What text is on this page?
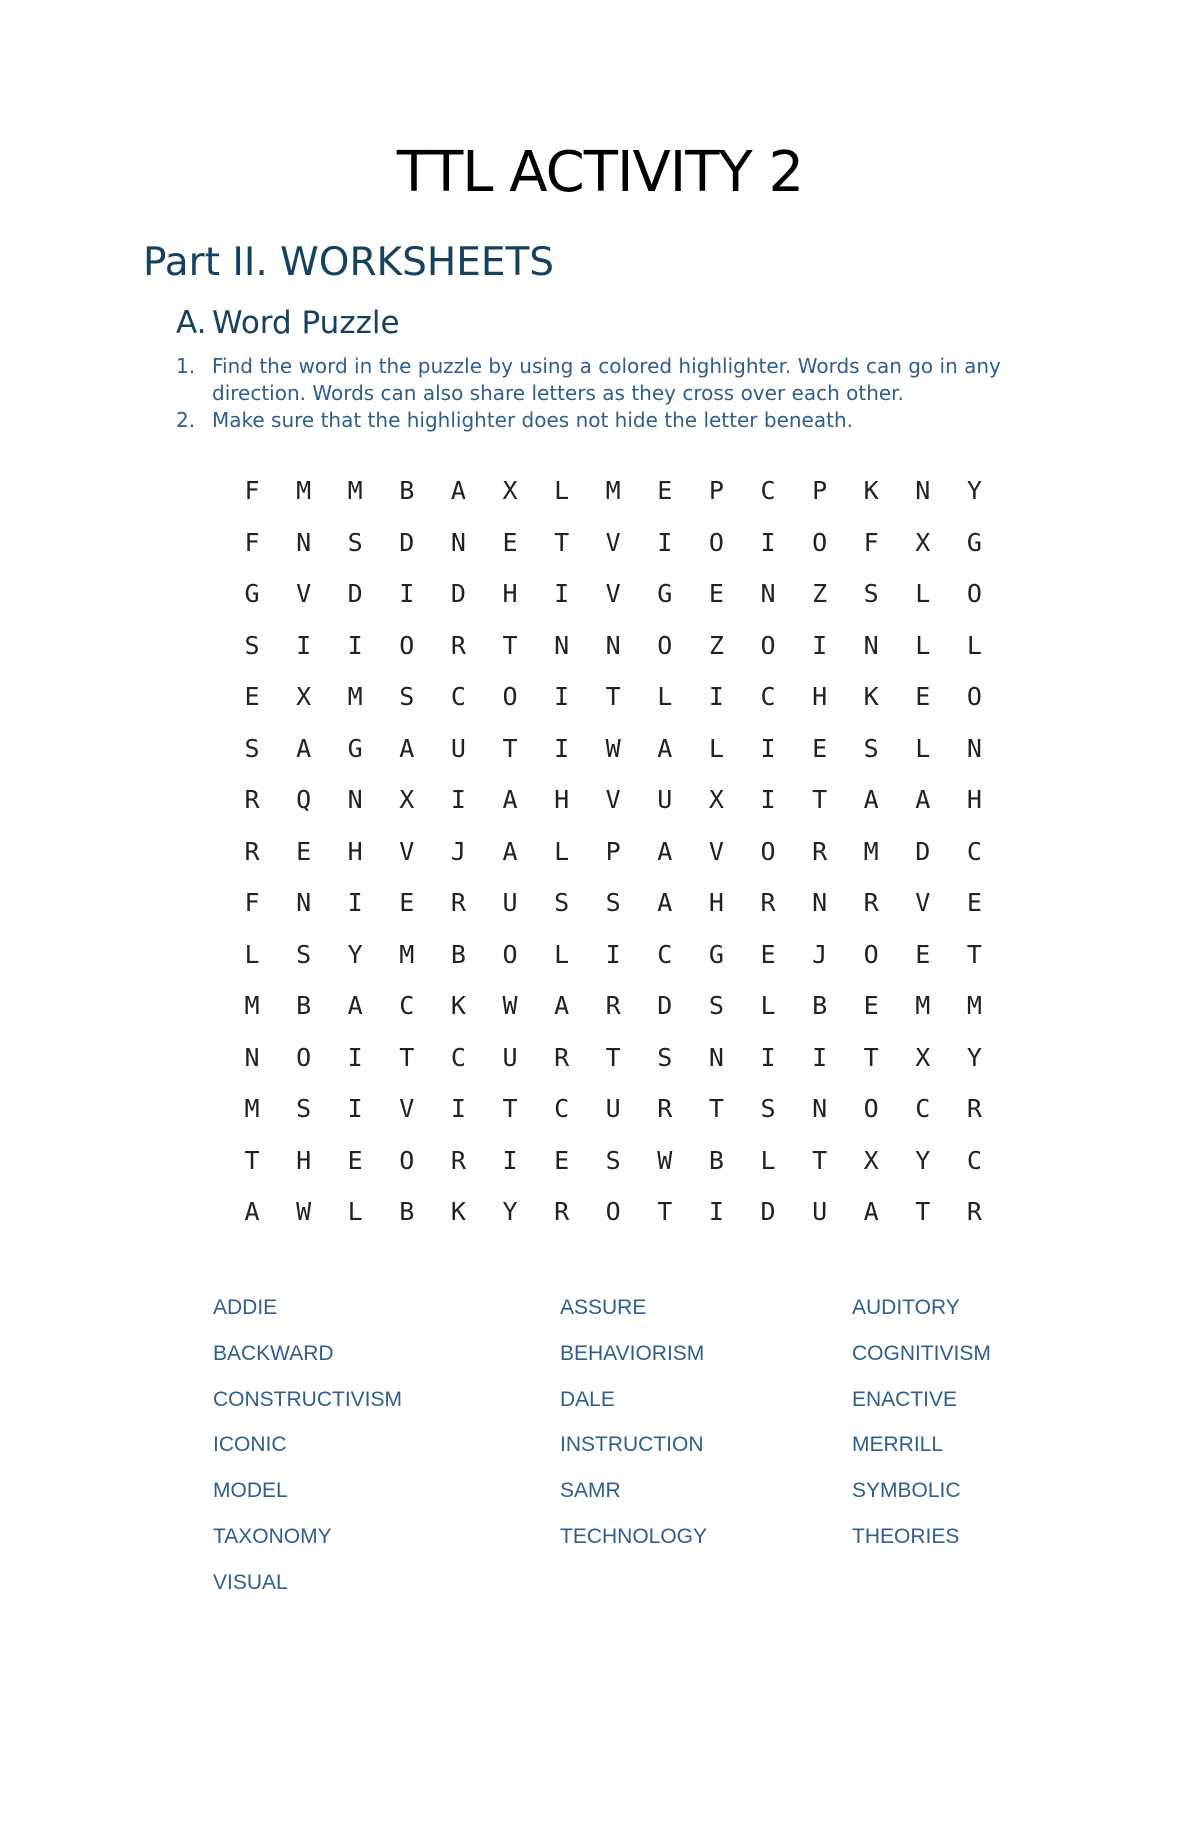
TTL ACTIVITY 2
Part II. WORKSHEETS
A. Word Puzzle
1. Find the word in the puzzle by using a colored highlighter. Words can go in any direction. Words can also share letters as they cross over each other.
2. Make sure that the highlighter does not hide the letter beneath.
F	M	M	B	A	X	L	M	E	P	C	P	K	N	Y
F	N	S	D	N	E	T	V	I	O	I	O	F	X	G
G	V	D	I	D	H	I	V	G	E	N	Z	S	L	O
S	I	I	O	R	T	N	N	O	Z	O	I	N	L	L
E	X	M	S	C	O	I	T	L	I	C	H	K	E	O
S	A	G	A	U	T	I	W	A	L	I	E	S	L	N
R	Q	N	X	I	A	H	V	U	X	I	T	A	A	H
R	E	H	V	J	A	L	P	A	V	O	R	M	D	C
F	N	I	E	R	U	S	S	A	H	R	N	R	V	E
L	S	Y	M	B	O	L	I	C	G	E	J	O	E	T
M	B	A	C	K	W	A	R	D	S	L	B	E	M	M
N	O	I	T	C	U	R	T	S	N	I	I	T	X	Y
M	S	I	V	I	T	C	U	R	T	S	N	O	C	R
T	H	E	O	R	I	E	S	W	B	L	T	X	Y	C
A	W	L	B	K	Y	R	O	T	I	D	U	A	T	R
ADDIE	ASSURE	AUDITORY
BACKWARD	BEHAVIORISM	COGNITIVISM
CONSTRUCTIVISM	DALE	ENACTIVE
ICONIC	INSTRUCTION	MERRILL
MODEL	SAMR	SYMBOLIC
TAXONOMY	TECHNOLOGY	THEORIES
VISUAL
